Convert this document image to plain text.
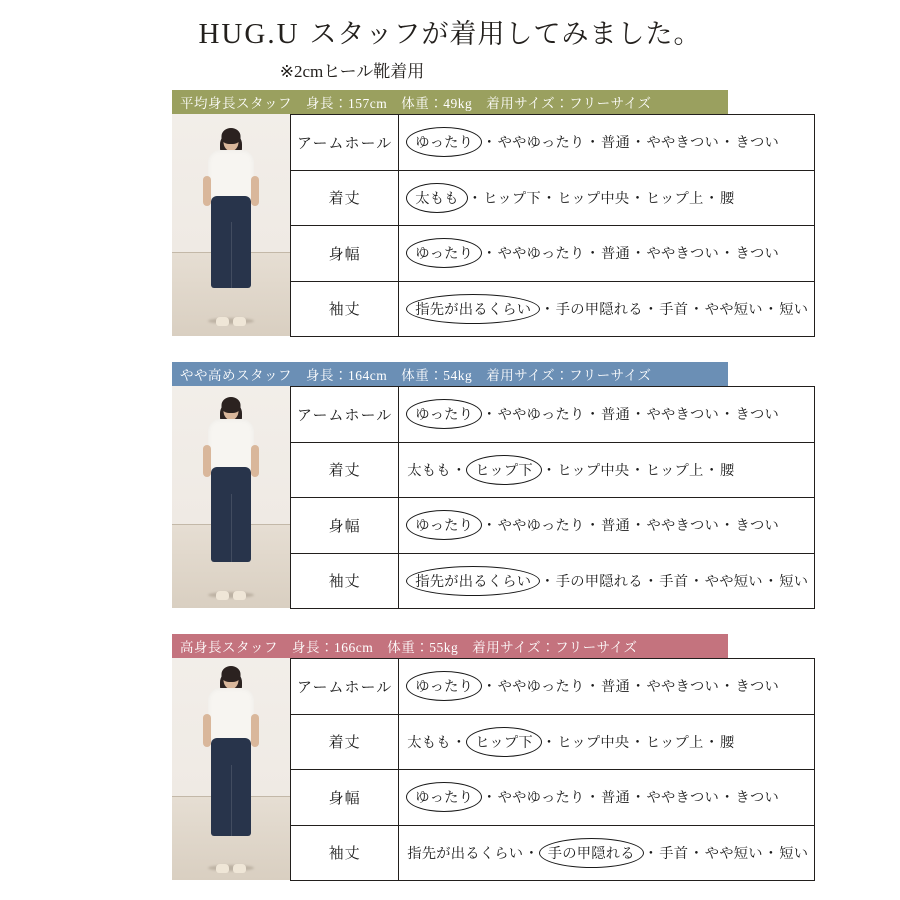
HUG.U スタッフが着用してみました。
※2cmヒール靴着用
平均身長スタッフ 身長：157cm 体重：49kg 着用サイズ：フリーサイズ
アームホール	ゆったり ・ややゆったり・普通・ややきつい・きつい
着丈	太もも ・ヒップ下・ヒップ中央・ヒップ上・腰
身幅	ゆったり ・ややゆったり・普通・ややきつい・きつい
袖丈	指先が出るくらい ・手の甲隠れる・手首・やや短い・短い
やや高めスタッフ 身長：164cm 体重：54kg 着用サイズ：フリーサイズ
アームホール	ゆったり ・ややゆったり・普通・ややきつい・きつい
着丈	太もも・ ヒップ下 ・ヒップ中央・ヒップ上・腰
身幅	ゆったり ・ややゆったり・普通・ややきつい・きつい
袖丈	指先が出るくらい ・手の甲隠れる・手首・やや短い・短い
高身長スタッフ 身長：166cm 体重：55kg 着用サイズ：フリーサイズ
アームホール	ゆったり ・ややゆったり・普通・ややきつい・きつい
着丈	太もも・ ヒップ下 ・ヒップ中央・ヒップ上・腰
身幅	ゆったり ・ややゆったり・普通・ややきつい・きつい
袖丈	指先が出るくらい・ 手の甲隠れる ・手首・やや短い・短い
